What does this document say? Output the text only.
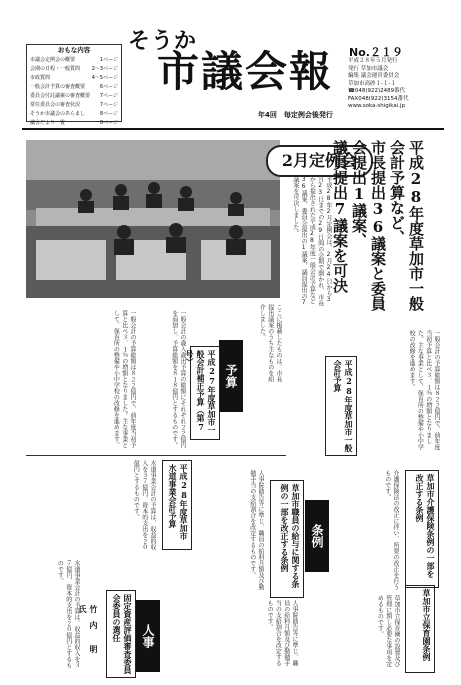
おもな内容
市議会定例会の概要	1ページ
会期の日程・一般質問 2～3ページ
市政質問	4～5ページ
一般会計予算の審査概要	6ページ
委員会付託議案の審査概要 7ページ
常任委員会の審査状況	7ページ
そうか市議会のあらまし	8ページ
議会だより一覧	8ページ
そうか
市議会報 No.２１９
平成２８年５月発行
発行 草加市議会
編集 議会運営委員会
草加市高砂１-１-１
☎048(922)2489番代
FAX048(922)3154番代
www.soka-shigikai.jp
年4回　毎定例会後発行
2月定例会	平成28年度草加市一般会計予算など、
市長提出36議案と委員会提出1議案、
議員提出7議案を可決
平成28年2月定例会は、2月24日から3月23日までの29日間の会期で開かれ、市長から提出された平成28年度一般会計予算など36議案、委員会提出の1議案、議員提出の7議案を可決しました。
ここに掲載したものは、市長提出議案のうち主なものを紹介しました。
予算
平成27年度草加市一般会計補正予算（第7号）
一般会計の歳入歳出予算の総額にそれぞれ２２億円を追加し、予算総額を８１８億円とするものです。
一般会計の予算総額は８２２億円で、前年度当初予算と比べ３．１％の増額となりました。主な事業として、保育所の整備や小中学校の改修を進めます。	平成28年度草加市一般会計予算	一般会計の予算総額は８２２億円で、前年度当初予算と比べ３．１％の増額となりました。主な事業として、保育所の整備や小中学校の改修を進めます。
平成28年度草加市水道事業会計予算
水道事業会計の予算は、収益的収入を３７億円、資本的支出を２０億円とするものです。
条例
草加市職員の給与に関する条例の一部を改正する条例
人事院勧告等に準じ、職員の給料月額及び勤勉手当の支給割合を改定するものです。	草加市介護保険条例の一部を改正する条例
介護保険法の改正に伴い、所要の改正を行うものです。
草加市立保育園条例
草加市立保育園の設置及び管理に関し必要な事項を定めるものです。
人事
固定資産評価審査委員会委員の選任
竹　内　　明　氏
水道事業会計の予算は、収益的収入を３７億円、資本的支出を２０億円とするものです。
人事院勧告等に準じ、職員の給料月額及び勤勉手当の支給割合を改定するものです。
